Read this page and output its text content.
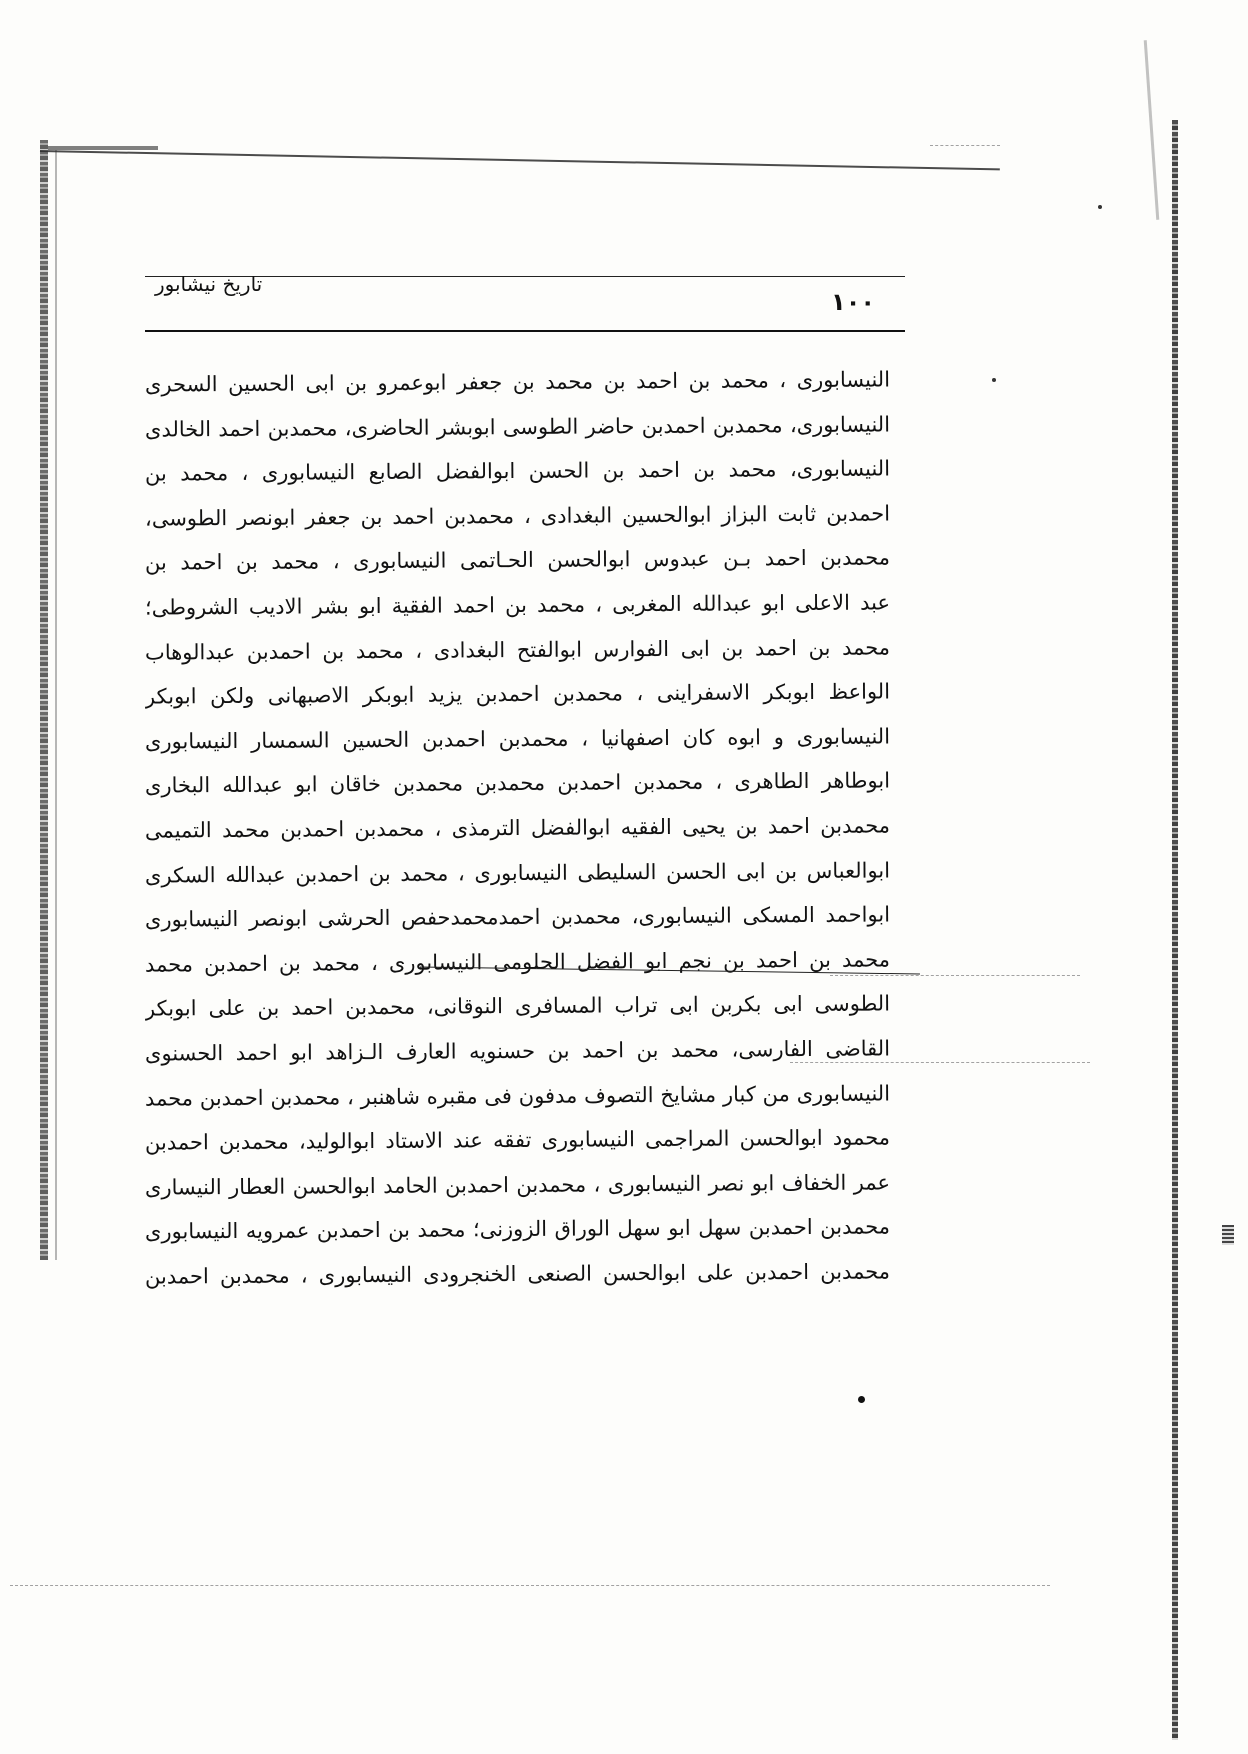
تاريخ نيشابور
١٠٠
النيسابوری ، محمد بن احمد بن محمد بن جعفر ابوعمرو بن ابی الحسین السحری
النيسابوری، محمدبن احمدبن حاضر الطوسی ابوبشر الحاضری، محمدبن احمد الخالدی
النيسابوری، محمد بن احمد بن الحسن ابوالفضل الصابع النيسابوری ، محمد بن
احمدبن ثابت البزاز ابوالحسین البغدادی ، محمدبن احمد بن جعفر ابونصر الطوسی،
محمدبن احمد بـن عبدوس ابوالحسن الحـاتمی النیسابوری ، محمد بن احمد بن
عبد الاعلی ابو عبدالله المغربی ، محمد بن احمد الفقیة ابو بشر الادیب الشروطی؛
محمد بن احمد بن ابی الفوارس ابوالفتح البغدادی ، محمد بن احمدبن عبدالوهاب
الواعظ ابوبکر الاسفراینی ، محمدبن احمدبن یزید ابوبکر الاصبهانی ولکن ابوبکر
النیسابوری و ابوه کان اصفهانیا ، محمدبن احمدبن الحسین السمسار النیسابوری
ابوطاهر الطاهری ، محمدبن احمدبن محمدبن محمدبن خاقان ابو عبدالله البخاری
محمدبن احمد بن یحیی الفقیه ابوالفضل الترمذی ، محمدبن احمدبن محمد التمیمی
ابوالعباس بن ابی الحسن السلیطی النیسابوری ، محمد بن احمدبن عبدالله السکری
ابواحمد المسکی النیسابوری، محمدبن احمدمحمدحفص الحرشی ابونصر النیسابوری
محمد بن احمد بن نجم ابو الفضل الحلومی النیسابوری ، محمد بن احمدبن محمد
الطوسی ابی بکربن ابی تراب المسافری النوقانی، محمدبن احمد بن علی ابوبکر
القاضی الفارسی، محمد بن احمد بن حسنویه العارف الـزاهد ابو احمد الحسنوی
النیسابوری من کبار مشایخ التصوف مدفون فی مقبره شاهنبر ، محمدبن احمدبن محمد
محمود ابوالحسن المراجمی النیسابوری تفقه عند الاستاد ابوالولید، محمدبن احمدبن
عمر الخفاف ابو نصر النیسابوری ، محمدبن احمدبن الحامد ابوالحسن العطار النیساری
محمدبن احمدبن سهل ابو سهل الوراق الزوزنی؛ محمد بن احمدبن عمرویه النیسابوری
محمدبن احمدبن علی ابوالحسن الصنعی الخنجرودی النیسابوری ، محمدبن احمدبن
